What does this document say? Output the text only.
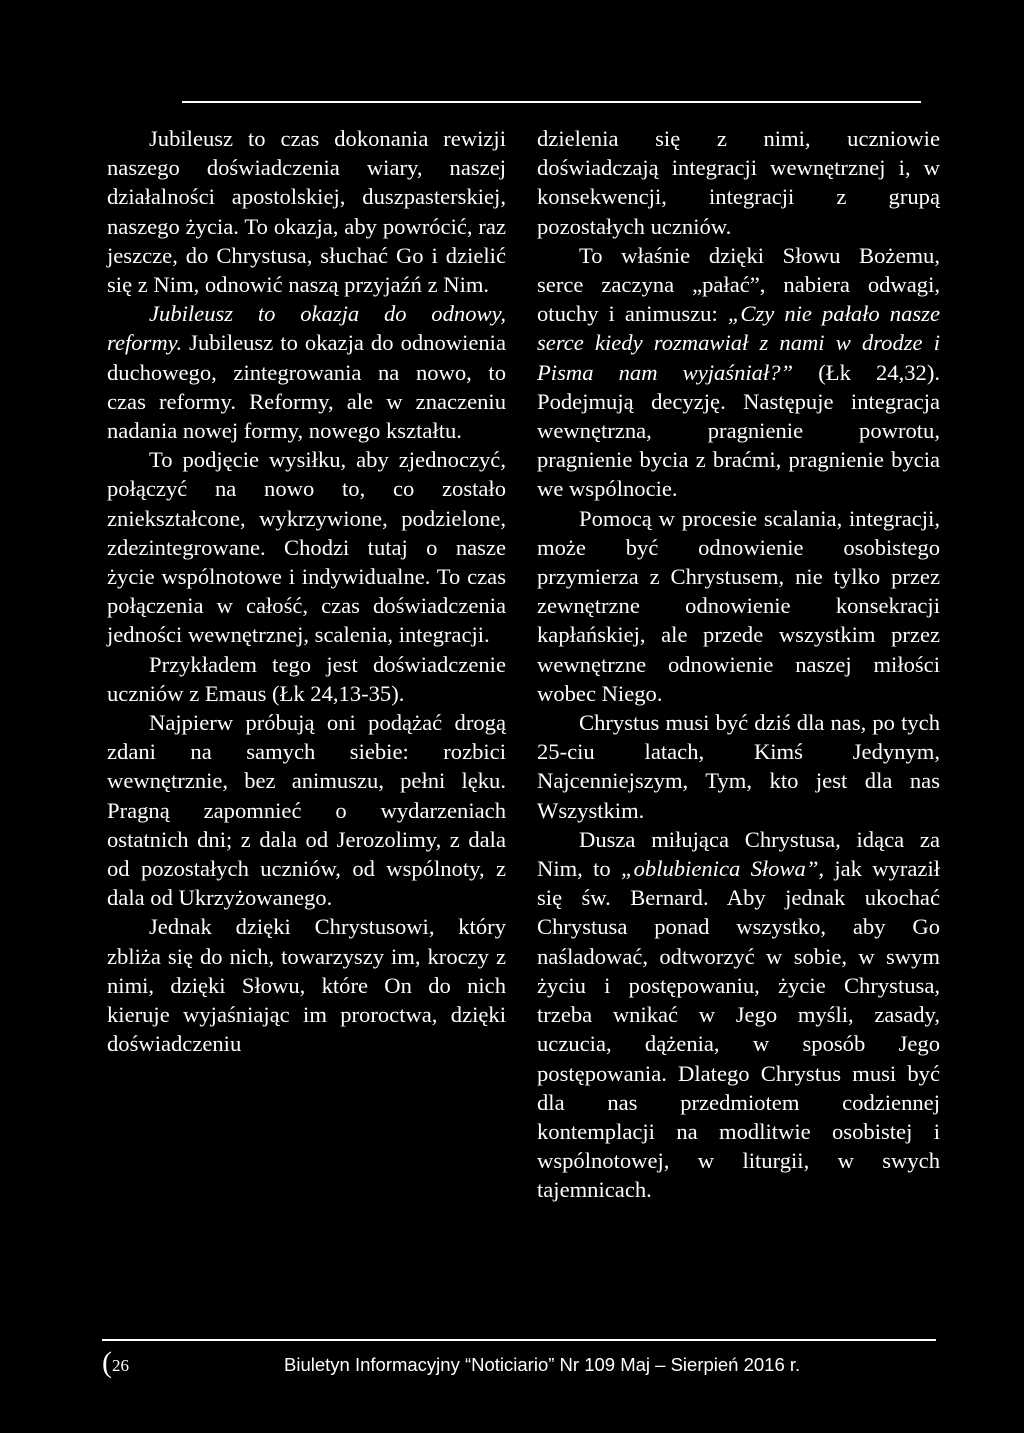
Jubileusz to czas dokonania rewizji naszego doświadczenia wiary, naszej działalności apostolskiej, duszpasterskiej, naszego życia. To okazja, aby powrócić, raz jeszcze, do Chrystusa, słuchać Go i dzielić się z Nim, odnowić naszą przyjaźń z Nim.

Jubileusz to okazja do odnowy, reformy. Jubileusz to okazja do odnowienia duchowego, zintegrowania na nowo, to czas reformy. Reformy, ale w znaczeniu nadania nowej formy, nowego kształtu.

To podjęcie wysiłku, aby zjednoczyć, połączyć na nowo to, co zostało zniekształcone, wykrzywione, podzielone, zdezintegrowane. Chodzi tutaj o nasze życie wspólnotowe i indywidualne. To czas połączenia w całość, czas doświadczenia jedności wewnętrznej, scalenia, integracji.

Przykładem tego jest doświadczenie uczniów z Emaus (Łk 24,13-35).

Najpierw próbują oni podążać drogą zdani na samych siebie: rozbici wewnętrznie, bez animuszu, pełni lęku. Pragną zapomnieć o wydarzeniach ostatnich dni; z dala od Jerozolimy, z dala od pozostałych uczniów, od wspólnoty, z dala od Ukrzyżowanego.

Jednak dzięki Chrystusowi, który zbliża się do nich, towarzyszy im, kroczy z nimi, dzięki Słowu, które On do nich kieruje wyjaśniając im proroctwa, dzięki doświadczeniu

dzielenia się z nimi, uczniowie doświadczają integracji wewnętrznej i, w konsekwencji, integracji z grupą pozostałych uczniów.

To właśnie dzięki Słowu Bożemu, serce zaczyna „pałać”, nabiera odwagi, otuchy i animuszu: „Czy nie pałało nasze serce kiedy rozmawiał z nami w drodze i Pisma nam wyjaśniał?” (Łk 24,32). Podejmują decyzję. Następuje integracja wewnętrzna, pragnienie powrotu, pragnienie bycia z braćmi, pragnienie bycia we wspólnocie.

Pomocą w procesie scalania, integracji, może być odnowienie osobistego przymierza z Chrystusem, nie tylko przez zewnętrzne odnowienie konsekracji kapłańskiej, ale przede wszystkim przez wewnętrzne odnowienie naszej miłości wobec Niego.

Chrystus musi być dziś dla nas, po tych 25-ciu latach, Kimś Jedynym, Najcenniejszym, Tym, kto jest dla nas Wszystkim.

Dusza miłująca Chrystusa, idąca za Nim, to „oblubienica Słowa”, jak wyraził się św. Bernard. Aby jednak ukochać Chrystusa ponad wszystko, aby Go naśladować, odtworzyć w sobie, w swym życiu i postępowaniu, życie Chrystusa, trzeba wnikać w Jego myśli, zasady, uczucia, dążenia, w sposób Jego postępowania. Dlatego Chrystus musi być dla nas przedmiotem codziennej kontemplacji na modlitwie osobistej i wspólnotowej, w liturgii, w swych tajemnicach.

( 26	Biuletyn Informacyjny “Noticiario” Nr 109 Maj – Sierpień 2016 r.
